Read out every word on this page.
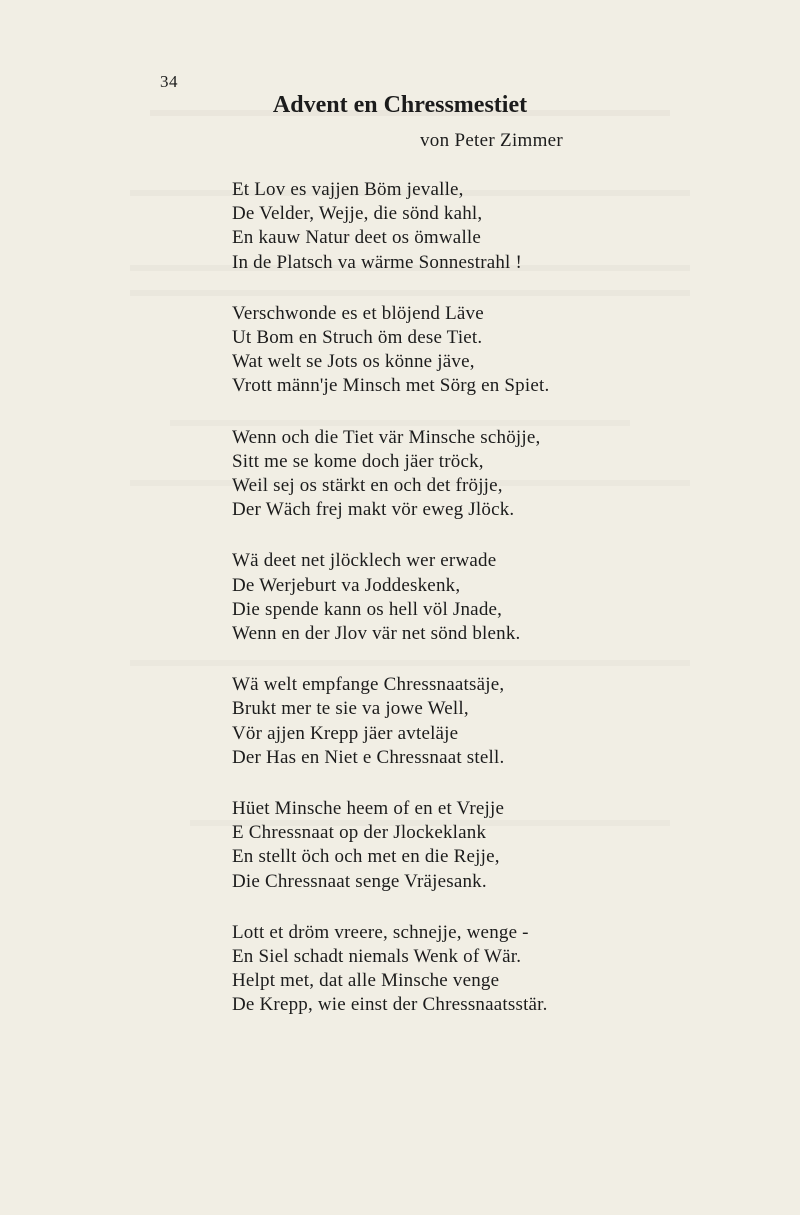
34
Advent en Chressmestiet
von Peter Zimmer
Et Lov es vajjen Böm jevalle,
De Velder, Wejje, die sönd kahl,
En kauw Natur deet os ömwalle
In de Platsch va wärme Sonnestrahl !
Verschwonde es et blöjend Läve
Ut Bom en Struch öm dese Tiet.
Wat welt se Jots os könne jäve,
Vrott männ'je Minsch met Sörg en Spiet.
Wenn och die Tiet vär Minsche schöjje,
Sitt me se kome doch jäer tröck,
Weil sej os stärkt en och det fröjje,
Der Wäch frej makt vör eweg Jlöck.
Wä deet net jlöcklech wer erwade
De Werjeburt va Joddeskenk,
Die spende kann os hell völ Jnade,
Wenn en der Jlov vär net sönd blenk.
Wä welt empfange Chressnaatsäje,
Brukt mer te sie va jowe Well,
Vör ajjen Krepp jäer avteläje
Der Has en Niet e Chressnaat stell.
Hüet Minsche heem of en et Vrejje
E Chressnaat op der Jlockeklank
En stellt öch och met en die Rejje,
Die Chressnaat senge Vräjesank.
Lott et dröm vreere, schnejje, wenge -
En Siel schadt niemals Wenk of Wär.
Helpt met, dat alle Minsche venge
De Krepp, wie einst der Chressnaatsstär.
